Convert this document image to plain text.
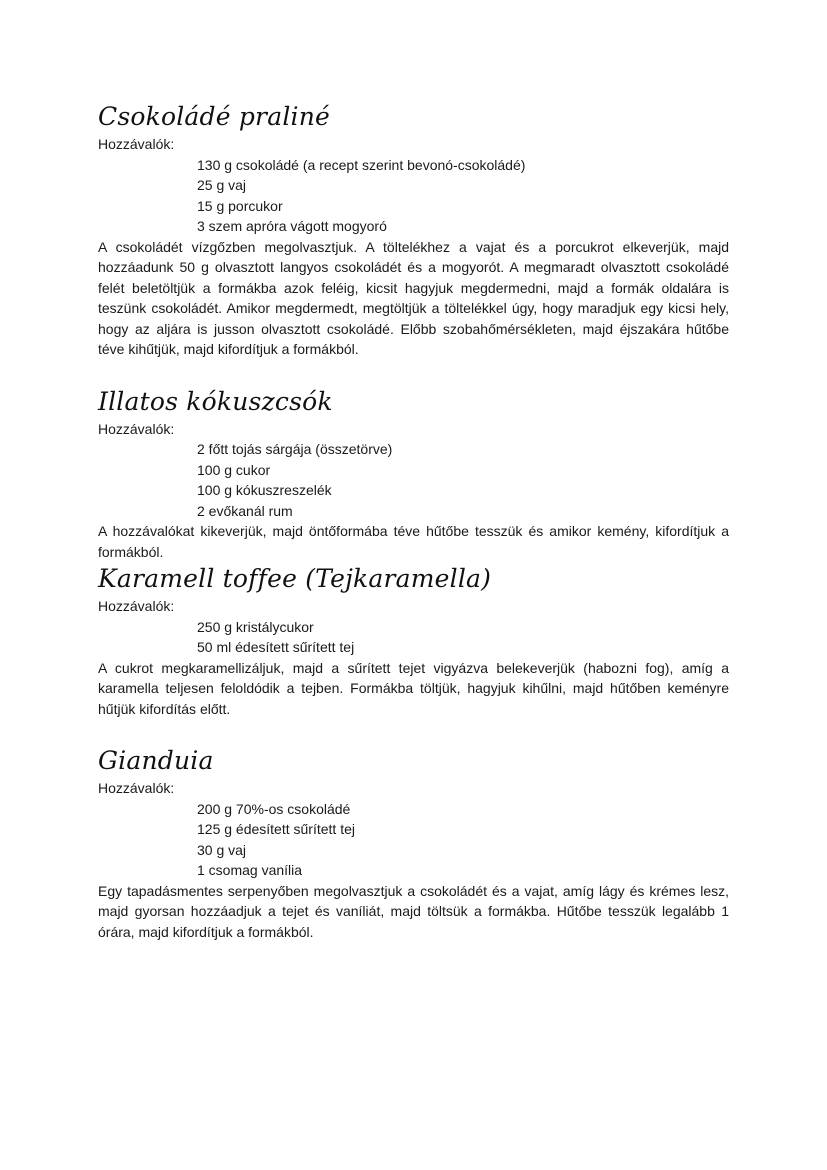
Csokoládé praliné

Hozzávalók:

130 g csokoládé (a recept szerint bevonó-csokoládé)
25 g vaj
15 g porcukor
3 szem apróra vágott mogyoró

A csokoládét vízgőzben megolvasztjuk. A töltelékhez a vajat és a porcukrot elkeverjük, majd hozzáadunk 50 g olvasztott langyos csokoládét és a mogyorót. A megmaradt olvasztott csokoládé felét beletöltjük a formákba azok feléig, kicsit hagyjuk megdermedni, majd a formák oldalára is teszünk csokoládét. Amikor megdermedt, megtöltjük a töltelékkel úgy, hogy maradjuk egy kicsi hely, hogy az aljára is jusson olvasztott csokoládé. Előbb szobahőmérsékleten, majd éjszakára hűtőbe téve kihűtjük, majd kifordítjuk a formákból.

Illatos kókuszcsók

Hozzávalók:

2 főtt tojás sárgája (összetörve)
100 g cukor
100 g kókuszreszelék
2 evőkanál rum

A hozzávalókat kikeverjük, majd öntőformába téve hűtőbe tesszük és amikor kemény, kifordítjuk a formákból.

Karamell toffee (Tejkaramella)

Hozzávalók:

250 g kristálycukor
50 ml édesített sűrített tej

A cukrot megkaramellizáljuk, majd a sűrített tejet vigyázva belekeverjük (habozni fog), amíg a karamella teljesen feloldódik a tejben. Formákba töltjük, hagyjuk kihűlni, majd hűtőben keményre hűtjük kifordítás előtt.

Gianduia

Hozzávalók:

200 g 70%-os csokoládé
125 g édesített sűrített tej
30 g vaj
1 csomag vanília

Egy tapadásmentes serpenyőben megolvasztjuk a csokoládét és a vajat, amíg lágy és krémes lesz, majd gyorsan hozzáadjuk a tejet és vaníliát, majd töltsük a formákba. Hűtőbe tesszük legalább 1 órára, majd kifordítjuk a formákból.
